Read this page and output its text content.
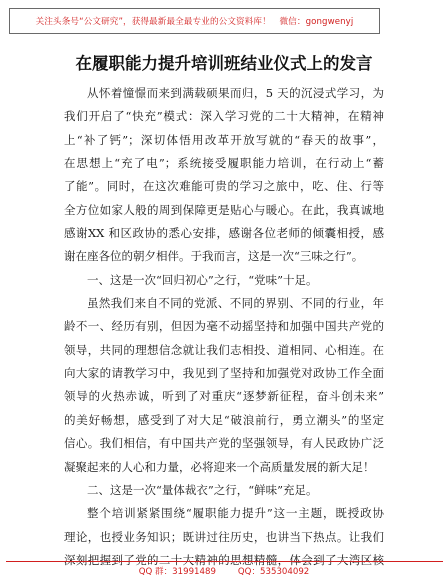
关注头条号“公文研究”，获得最新最全最专业的公文资料库！　微信：gongwenyj
在履职能力提升培训班结业仪式上的发言
从怀着憧憬而来到满载硕果而归，5 天的沉浸式学习，为
我们开启了“快充”模式：深入学习党的二十大精神，在精神
上“补了钙”；深切体悟用改革开放写就的“春天的故事”，
在思想上“充了电”；系统接受履职能力培训，在行动上“蓄
了能”。同时，在这次难能可贵的学习之旅中，吃、住、行等
全方位如家人般的周到保障更是贴心与暖心。在此，我真诚地
感谢XX 和区政协的悉心安排，感谢各位老师的倾囊相授，感
谢在座各位的朝夕相伴。于我而言，这是一次“三味之行”。
一、这是一次“回归初心”之行，“党味”十足。
虽然我们来自不同的党派、不同的界别、不同的行业，年
龄不一、经历有别，但因为毫不动摇坚持和加强中国共产党的
领导，共同的理想信念就让我们志相投、道相同、心相连。在
向大家的请教学习中，我见到了坚持和加强党对政协工作全面
领导的火热赤诚，听到了对重庆“逐梦新征程，奋斗创未来”
的美好畅想，感受到了对大足“破浪前行，勇立潮头”的坚定
信心。我们相信，有中国共产党的坚强领导，有人民政协广泛
凝聚起来的人心和力量，必将迎来一个高质量发展的新大足！
二、这是一次“量体裁衣”之行，“鲜味”充足。
整个培训紧紧围绕“履职能力提升”这一主题，既授政协
理论，也授业务知识；既讲过往历史，也讲当下热点。让我们
深刻把握到了党的二十大精神的思想精髓，体会到了大湾区核
QQ 群：31991489	QQ：535304092
